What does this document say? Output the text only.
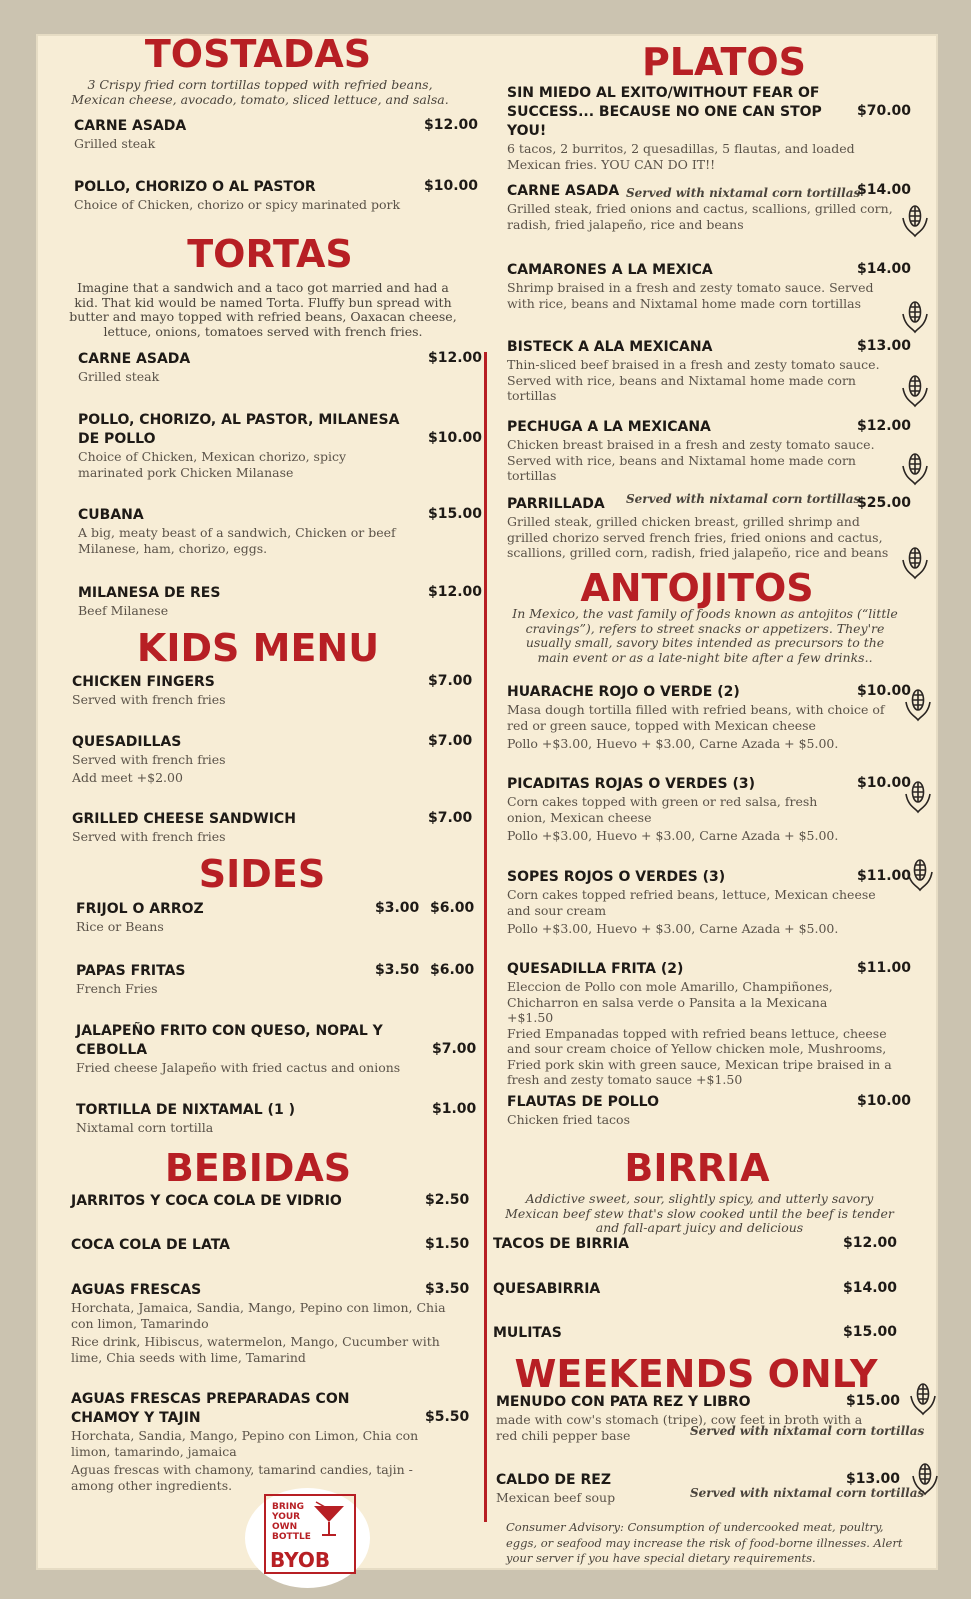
TOSTADAS
3 Crispy fried corn tortillas topped with refried beans, Mexican cheese, avocado, tomato, sliced lettuce, and salsa.
CARNE ASADA
Grilled steak
$12.00
POLLO, CHORIZO O AL PASTOR
Choice of Chicken, chorizo or spicy marinated pork
$10.00
TORTAS
Imagine that a sandwich and a taco got married and had a kid. That kid would be named Torta. Fluffy bun spread with butter and mayo topped with refried beans, Oaxacan cheese, lettuce, onions, tomatoes served with french fries.
CARNE ASADA
Grilled steak
$12.00
POLLO, CHORIZO, AL PASTOR, MILANESA DE POLLO
Choice of Chicken, Mexican chorizo, spicy marinated pork Chicken Milanase
$10.00
CUBANA
A big, meaty beast of a sandwich, Chicken or beef Milanese, ham, chorizo, eggs.
$15.00
MILANESA DE RES
Beef Milanese
$12.00
KIDS MENU
CHICKEN FINGERS
Served with french fries
$7.00
QUESADILLAS
Served with french fries
Add meet +$2.00
$7.00
GRILLED CHEESE SANDWICH
Served with french fries
$7.00
SIDES
FRIJOL O ARROZ
Rice or Beans
$3.00 $6.00
PAPAS FRITAS
French Fries
$3.50 $6.00
JALAPEÑO FRITO CON QUESO, NOPAL Y CEBOLLA
Fried cheese Jalapeño with fried cactus and onions
$7.00
TORTILLA DE NIXTAMAL (1 )
Nixtamal corn tortilla
$1.00
BEBIDAS
JARRITOS Y COCA COLA DE VIDRIO	$2.50
COCA COLA DE LATA	$1.50
AGUAS FRESCAS
Horchata, Jamaica, Sandia, Mango, Pepino con limon, Chia con limon, Tamarindo
Rice drink, Hibiscus, watermelon, Mango, Cucumber with lime, Chia seeds with lime, Tamarind
$3.50
AGUAS FRESCAS PREPARADAS CON CHAMOY Y TAJIN
Horchata, Sandia, Mango, Pepino con Limon, Chia con limon, tamarindo, jamaica
Aguas frescas with chamony, tamarind candies, tajin - among other ingredients.
$5.50
BRING
YOUR
OWN
BOTTLE
BYOB
PLATOS
SIN MIEDO AL EXITO/WITHOUT FEAR OF SUCCESS... BECAUSE NO ONE CAN STOP YOU!
6 tacos, 2 burritos, 2 quesadillas, 5 flautas, and loaded Mexican fries. YOU CAN DO IT!!
$70.00
CARNE ASADA
Grilled steak, fried onions and cactus, scallions, grilled corn, radish, fried jalapeño, rice and beans
Served with nixtamal corn tortillas
$14.00
CAMARONES A LA MEXICA
Shrimp braised in a fresh and zesty tomato sauce. Served with rice, beans and Nixtamal home made corn tortillas
$14.00
BISTECK A ALA MEXICANA
Thin-sliced beef braised in a fresh and zesty tomato sauce. Served with rice, beans and Nixtamal home made corn tortillas
$13.00
PECHUGA A LA MEXICANA
Chicken breast braised in a fresh and zesty tomato sauce. Served with rice, beans and Nixtamal home made corn tortillas
$12.00
PARRILLADA
Grilled steak, grilled chicken breast, grilled shrimp and grilled chorizo served french fries, fried onions and cactus, scallions, grilled corn, radish, fried jalapeño, rice and beans
Served with nixtamal corn tortillas
$25.00
ANTOJITOS
In Mexico, the vast family of foods known as antojitos (“little cravings”), refers to street snacks or appetizers. They're usually small, savory bites intended as precursors to the main event or as a late-night bite after a few drinks..
HUARACHE ROJO O VERDE (2)
Masa dough tortilla filled with refried beans, with choice of red or green sauce, topped with Mexican cheese
Pollo +$3.00, Huevo + $3.00, Carne Azada + $5.00.
$10.00
PICADITAS ROJAS O VERDES (3)
Corn cakes topped with green or red salsa, fresh onion, Mexican cheese
Pollo +$3.00, Huevo + $3.00, Carne Azada + $5.00.
$10.00
SOPES ROJOS O VERDES (3)
Corn cakes topped refried beans, lettuce, Mexican cheese and sour cream
Pollo +$3.00, Huevo + $3.00, Carne Azada + $5.00.
$11.00
QUESADILLA FRITA (2)
Eleccion de Pollo con mole Amarillo, Champiñones, Chicharron en salsa verde o Pansita a la Mexicana +$1.50
Fried Empanadas topped with refried beans lettuce, cheese and sour cream choice of Yellow chicken mole, Mushrooms, Fried pork skin with green sauce, Mexican tripe braised in a fresh and zesty tomato sauce +$1.50
$11.00
FLAUTAS DE POLLO
Chicken fried tacos
$10.00
BIRRIA
Addictive sweet, sour, slightly spicy, and utterly savory Mexican beef stew that's slow cooked until the beef is tender and fall-apart juicy and delicious
TACOS DE BIRRIA	$12.00
QUESABIRRIA	$14.00
MULITAS	$15.00
WEEKENDS ONLY
MENUDO CON PATA REZ Y LIBRO
made with cow's stomach (tripe), cow feet in broth with a red chili pepper base	Served with nixtamal corn tortillas
$15.00
CALDO DE REZ
Mexican beef soup	Served with nixtamal corn tortillas
$13.00
Consumer Advisory: Consumption of undercooked meat, poultry, eggs, or seafood may increase the risk of food-borne illnesses. Alert your server if you have special dietary requirements.
